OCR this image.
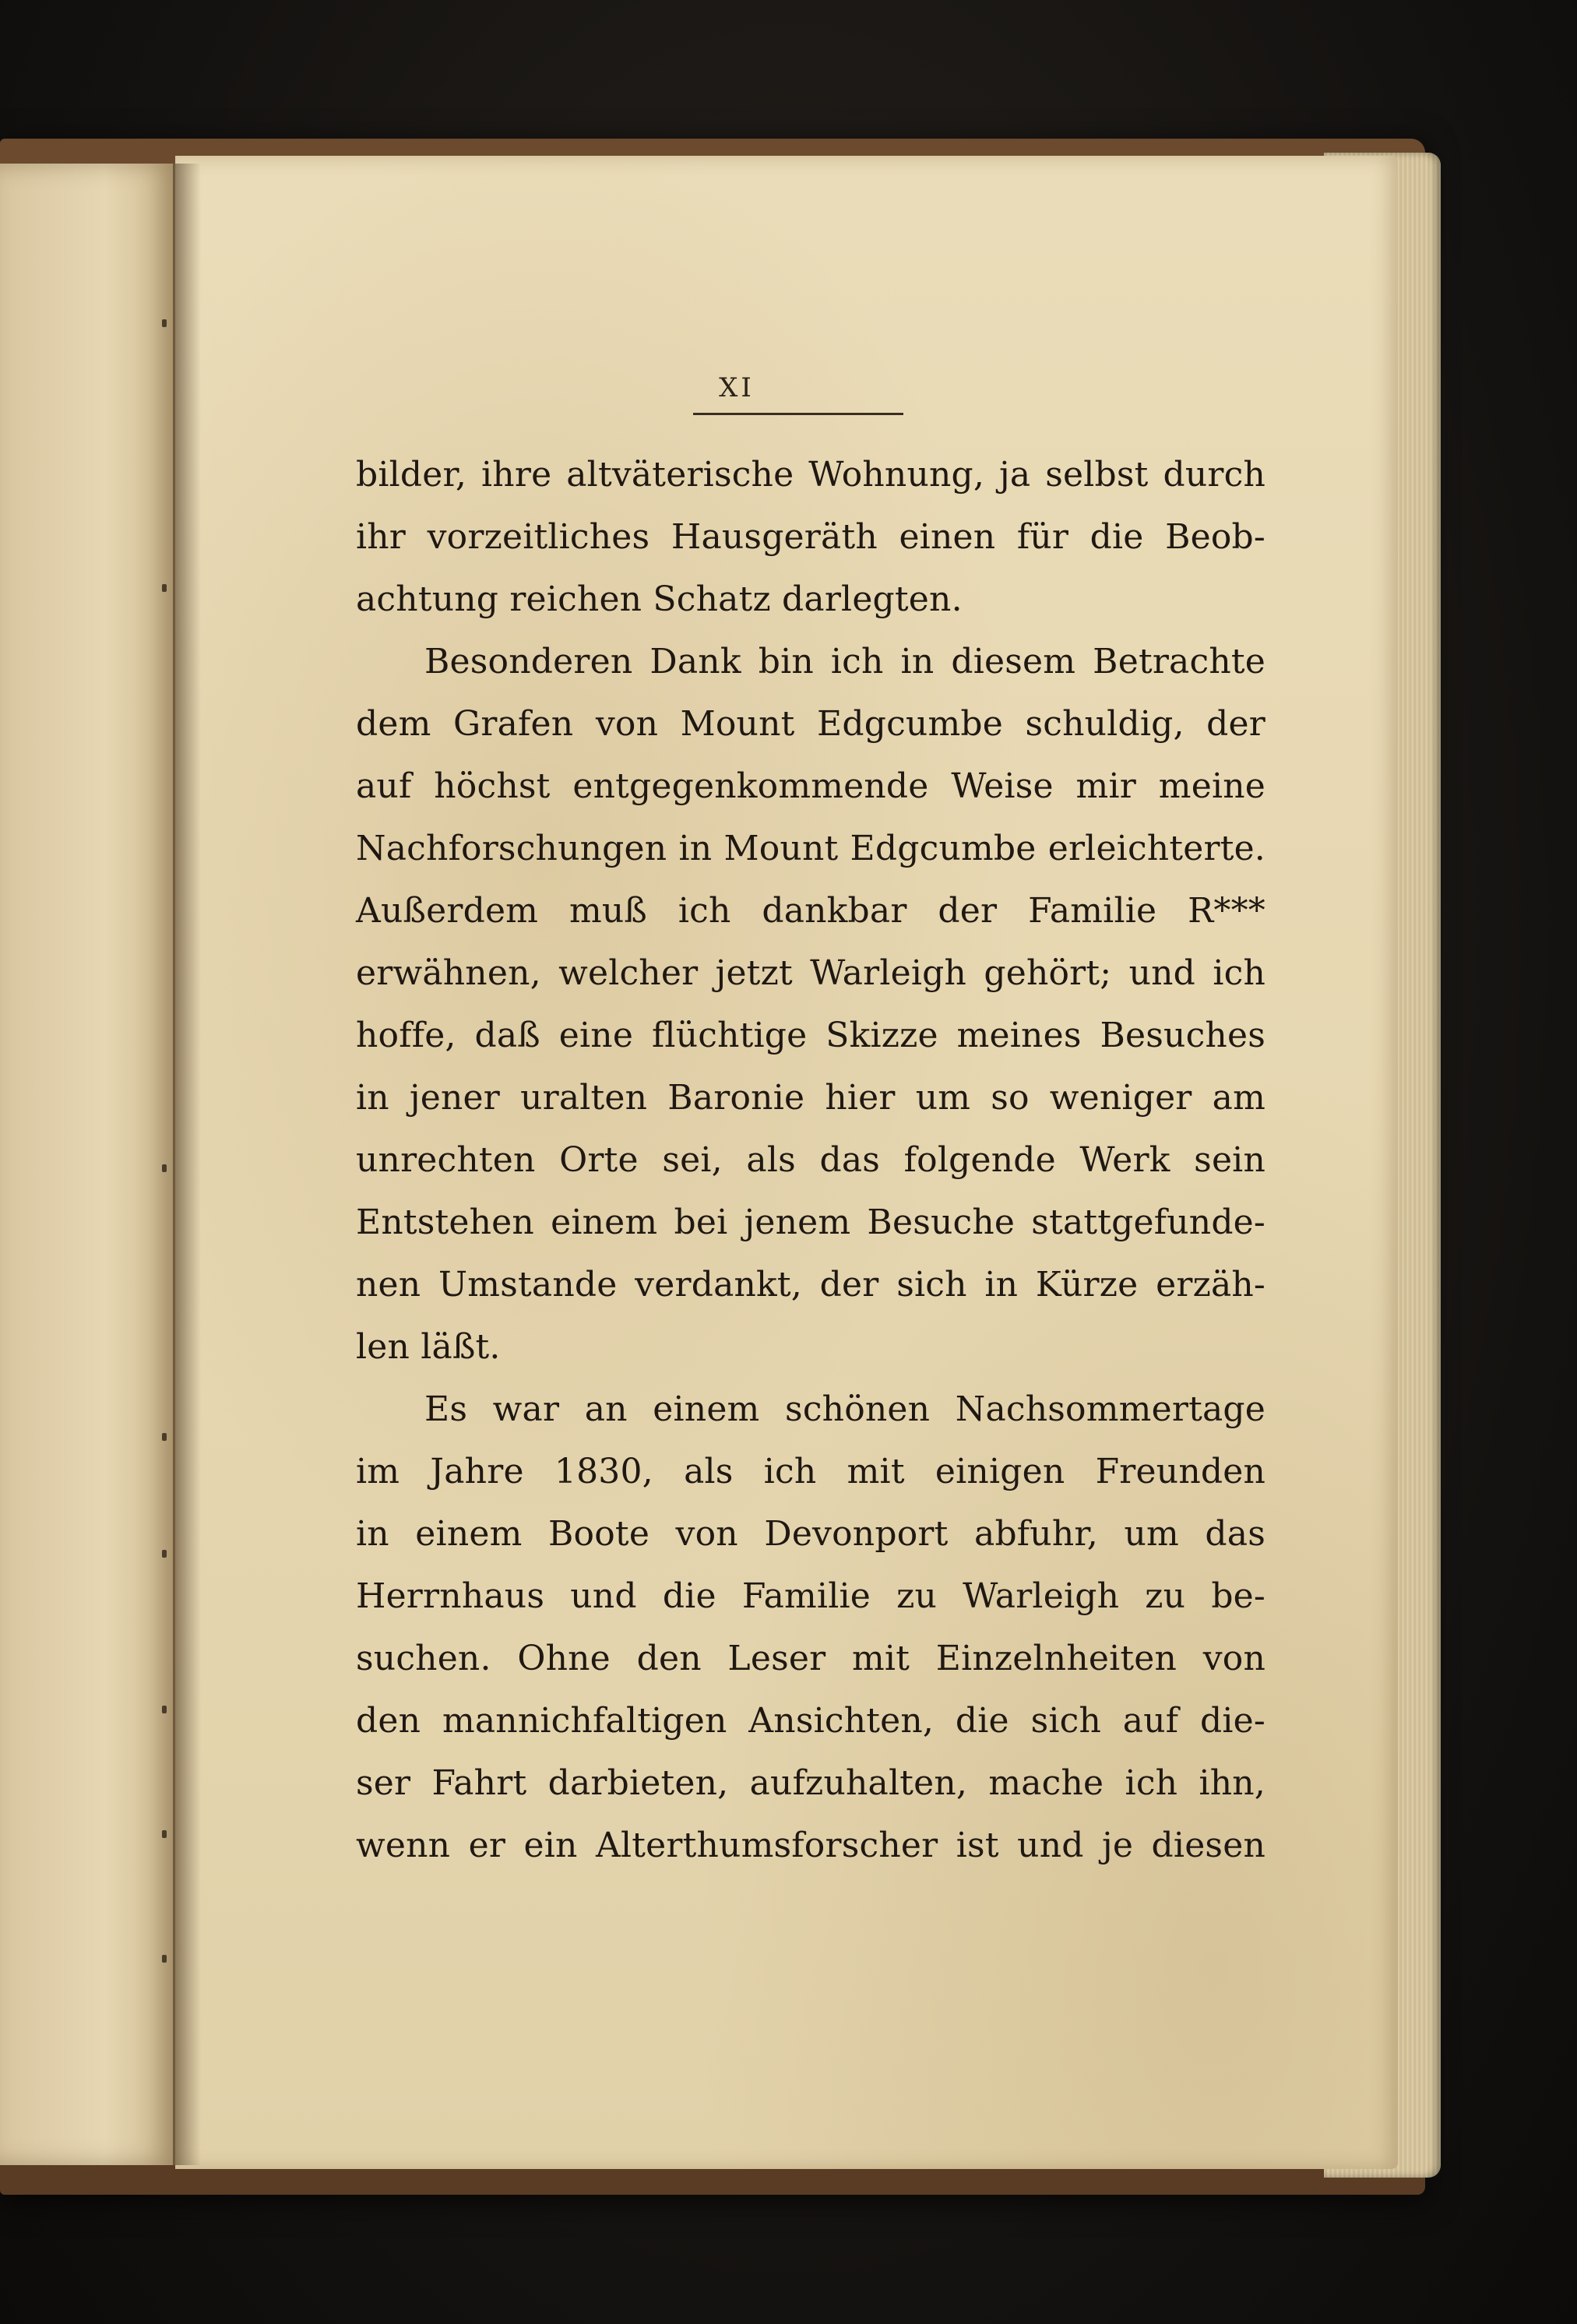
XI
bilder, ihre altväterische Wohnung, ja selbst durch
ihr vorzeitliches Hausgeräth einen für die Beob-
achtung reichen Schatz darlegten.
Besonderen Dank bin ich in diesem Betrachte
dem Grafen von Mount Edgcumbe schuldig, der
auf höchst entgegenkommende Weise mir meine
Nachforschungen in Mount Edgcumbe erleichterte.
Außerdem muß ich dankbar der Familie R***
erwähnen, welcher jetzt Warleigh gehört; und ich
hoffe, daß eine flüchtige Skizze meines Besuches
in jener uralten Baronie hier um so weniger am
unrechten Orte sei, als das folgende Werk sein
Entstehen einem bei jenem Besuche stattgefunde-
nen Umstande verdankt, der sich in Kürze erzäh-
len läßt.
Es war an einem schönen Nachsommertage
im Jahre 1830, als ich mit einigen Freunden
in einem Boote von Devonport abfuhr, um das
Herrnhaus und die Familie zu Warleigh zu be-
suchen. Ohne den Leser mit Einzelnheiten von
den mannichfaltigen Ansichten, die sich auf die-
ser Fahrt darbieten, aufzuhalten, mache ich ihn,
wenn er ein Alterthumsforscher ist und je diesen
